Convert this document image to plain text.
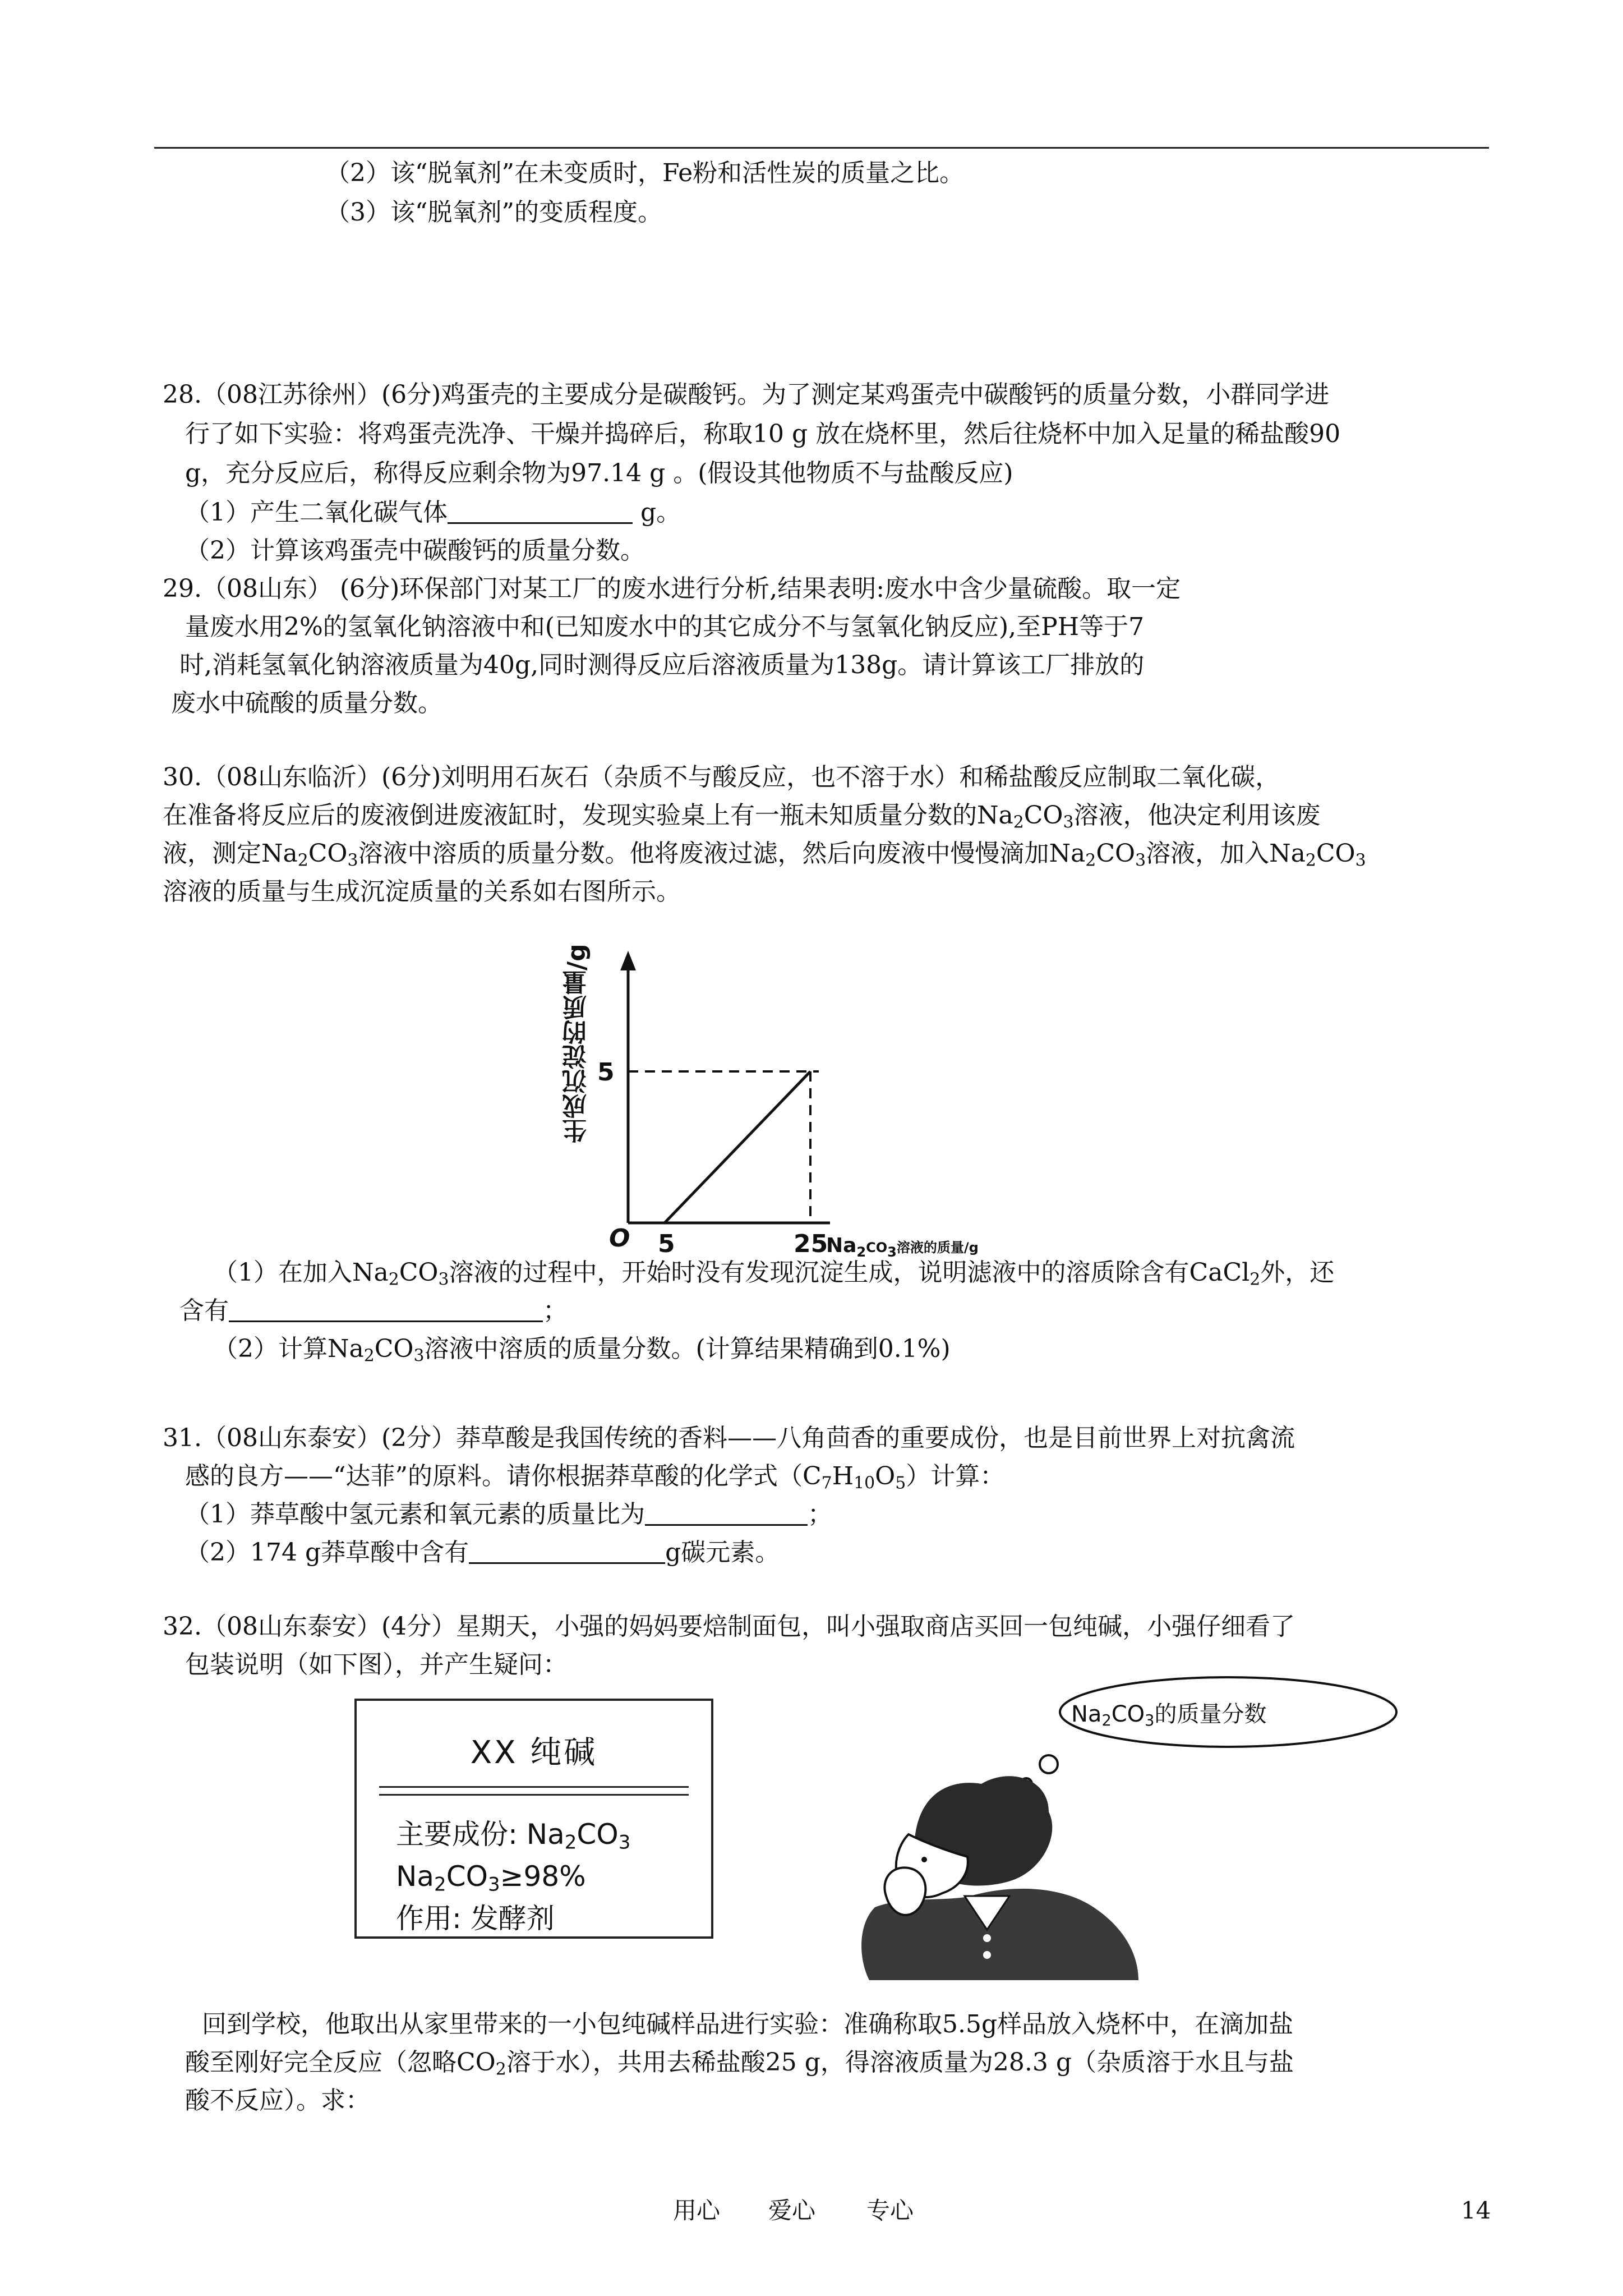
（2）该“脱氧剂”在未变质时，Fe粉和活性炭的质量之比。
（3）该“脱氧剂”的变质程度。
28.（08江苏徐州）(6分)鸡蛋壳的主要成分是碳酸钙。为了测定某鸡蛋壳中碳酸钙的质量分数，小群同学进
行了如下实验：将鸡蛋壳洗净、干燥并捣碎后，称取10 g 放在烧杯里，然后往烧杯中加入足量的稀盐酸90
g，充分反应后，称得反应剩余物为97.14 g 。(假设其他物质不与盐酸反应)
（1）产生二氧化碳气体	g。
（2）计算该鸡蛋壳中碳酸钙的质量分数。
29.（08山东） (6分)环保部门对某工厂的废水进行分析,结果表明:废水中含少量硫酸。取一定
量废水用2%的氢氧化钠溶液中和(已知废水中的其它成分不与氢氧化钠反应),至PH等于7
时,消耗氢氧化钠溶液质量为40g,同时测得反应后溶液质量为138g。请计算该工厂排放的
废水中硫酸的质量分数。
30.（08山东临沂）(6分)刘明用石灰石（杂质不与酸反应，也不溶于水）和稀盐酸反应制取二氧化碳，
在准备将反应后的废液倒进废液缸时，发现实验桌上有一瓶未知质量分数的$Na_2CO_3$溶液，他决定利用该废
液，测定$Na_2CO_3$溶液中溶质的质量分数。他将废液过滤，然后向废液中慢慢滴加$Na_2CO_3$溶液，加入$Na_2CO_3$
溶液的质量与生成沉淀质量的关系如右图所示。
生成沉淀的质量/g
O 5	25
5
$Na_2^{CO}_3^{溶液的质量/g}$
（1）在加入$Na_2CO_3$溶液的过程中，开始时没有发现沉淀生成，说明滤液中的溶质除含有CaCl$_2$外，还
含有	；
（2）计算$Na_2CO_3$溶液中溶质的质量分数。(计算结果精确到0.1%)
31.（08山东泰安）(2分）莽草酸是我国传统的香料——八角茴香的重要成份，也是目前世界上对抗禽流
感的良方——“达菲”的原料。请你根据莽草酸的化学式$(C_7H_{10}O_5)$计算：
（1）莽草酸中氢元素和氧元素的质量比为	；
（2）174 g莽草酸中含有	g碳元素。
32.（08山东泰安）(4分）星期天，小强的妈妈要焙制面包，叫小强取商店买回一包纯碱，小强仔细看了
包装说明（如下图），并产生疑问：
XX 纯碱
主要成份: $Na_2CO_3$
$Na_2CO_3\ge 98\%$
作用: 发酵剂
$Na_2CO_3$的质量分数
回到学校，他取出从家里带来的一小包纯碱样品进行实验：准确称取5.5g样品放入烧杯中，在滴加盐
酸至刚好完全反应（忽略$CO_2$溶于水），共用去稀盐酸25 g，得溶液质量为28.3 g（杂质溶于水且与盐
酸不反应）。求：
用心 爱心 专心	14
